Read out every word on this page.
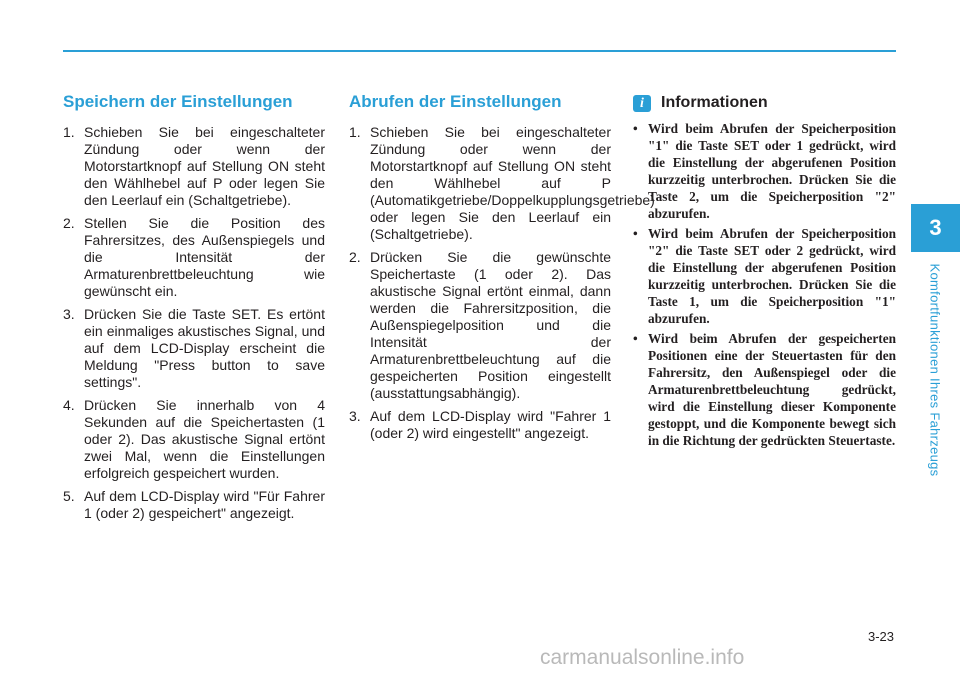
Speichern der Einstellungen
1. Schieben Sie bei eingeschalteter Zündung oder wenn der Motorstartknopf auf Stellung ON steht den Wählhebel auf P oder legen Sie den Leerlauf ein (Schaltgetriebe).
2. Stellen Sie die Position des Fahrersitzes, des Außenspiegels und die Intensität der Armaturenbrettbeleuchtung wie gewünscht ein.
3. Drücken Sie die Taste SET. Es ertönt ein einmaliges akustisches Signal, und auf dem LCD-Display erscheint die Meldung "Press button to save settings".
4. Drücken Sie innerhalb von 4 Sekunden auf die Speichertasten (1 oder 2). Das akustische Signal ertönt zwei Mal, wenn die Einstellungen erfolgreich gespeichert wurden.
5. Auf dem LCD-Display wird "Für Fahrer 1 (oder 2) gespeichert" angezeigt.
Abrufen der Einstellungen
1. Schieben Sie bei eingeschalteter Zündung oder wenn der Motorstartknopf auf Stellung ON steht den Wählhebel auf P (Automatikgetriebe/Doppelkupplungsgetriebe) oder legen Sie den Leerlauf ein (Schaltgetriebe).
2. Drücken Sie die gewünschte Speichertaste (1 oder 2). Das akustische Signal ertönt einmal, dann werden die Fahrersitzposition, die Außenspiegelposition und die Intensität der Armaturenbrettbeleuchtung auf die gespeicherten Position eingestellt (ausstattungsabhängig).
3. Auf dem LCD-Display wird "Fahrer 1 (oder 2) wird eingestellt" angezeigt.
i	Informationen
• Wird beim Abrufen der Speicherposition "1" die Taste SET oder 1 gedrückt, wird die Einstellung der abgerufenen Position kurzzeitig unterbrochen. Drücken Sie die Taste 2, um die Speicherposition "2" abzurufen.
• Wird beim Abrufen der Speicherposition "2" die Taste SET oder 2 gedrückt, wird die Einstellung der abgerufenen Position kurzzeitig unterbrochen. Drücken Sie die Taste 1, um die Speicherposition "1" abzurufen.
• Wird beim Abrufen der gespeicherten Positionen eine der Steuertasten für den Fahrersitz, den Außenspiegel oder die Armaturenbrettbeleuchtung gedrückt, wird die Einstellung dieser Komponente gestoppt, und die Komponente bewegt sich in die Richtung der gedrückten Steuertaste.
3
Komfortfunktionen Ihres Fahrzeugs
3-23
carmanualsonline.info
